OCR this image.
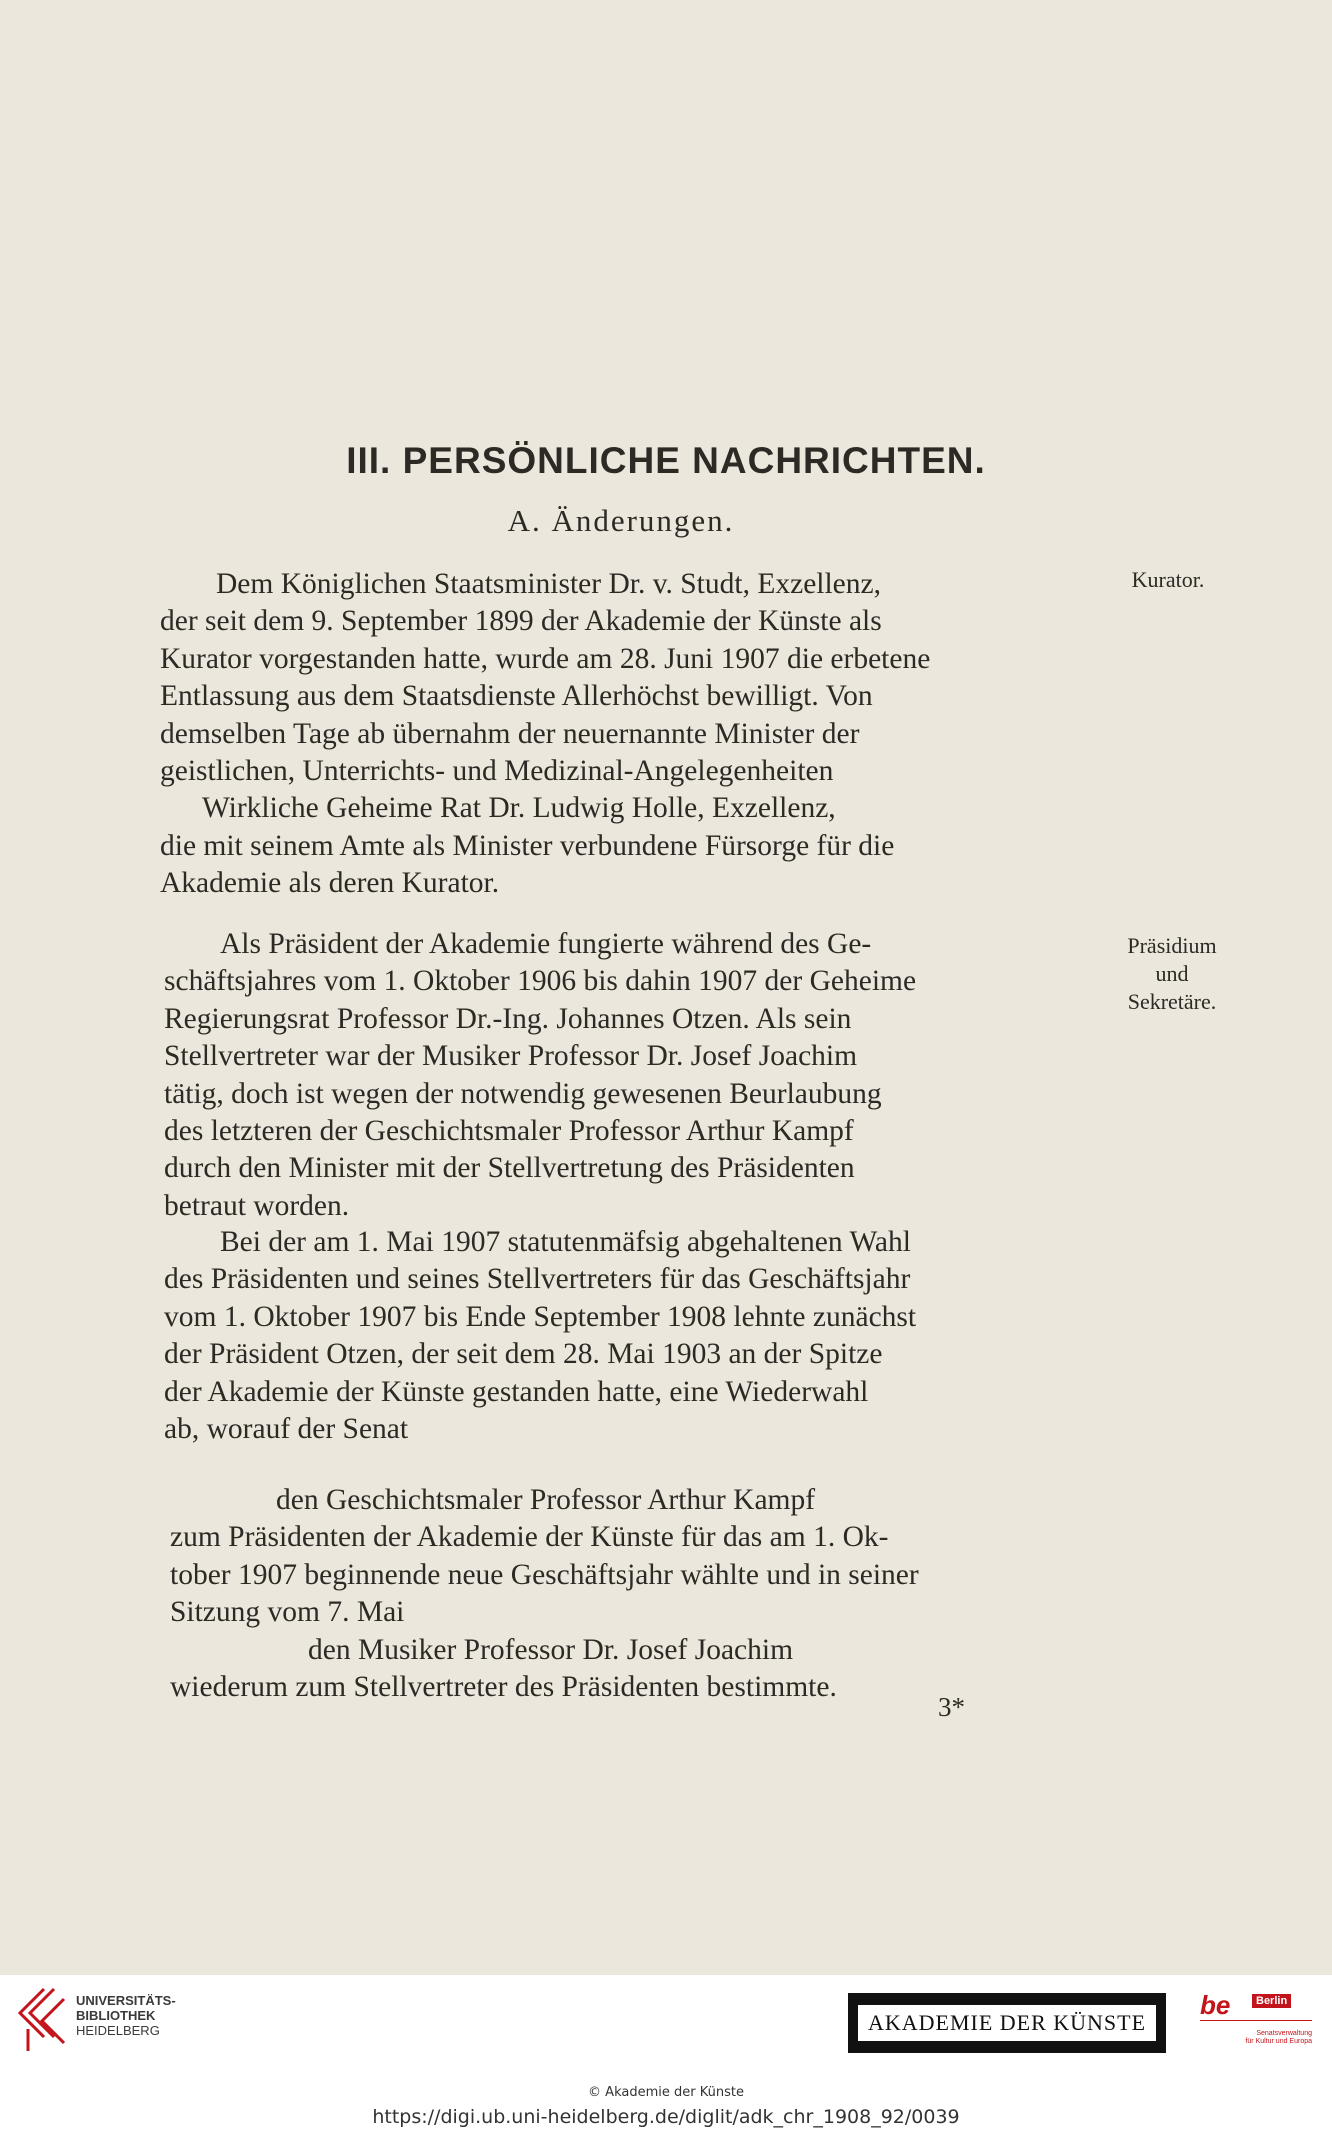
III. PERSÖNLICHE NACHRICHTEN.
A. Änderungen.
Dem Königlichen Staatsminister Dr. v. Studt, Exzellenz,
der seit dem 9. September 1899 der Akademie der Künste als
Kurator vorgestanden hatte, wurde am 28. Juni 1907 die erbetene
Entlassung aus dem Staatsdienste Allerhöchst bewilligt. Von
demselben Tage ab übernahm der neuernannte Minister der
geistlichen, Unterrichts- und Medizinal-Angelegenheiten
Wirkliche Geheime Rat Dr. Ludwig Holle, Exzellenz,
die mit seinem Amte als Minister verbundene Fürsorge für die
Akademie als deren Kurator.
Kurator.
Als Präsident der Akademie fungierte während des Ge-
schäftsjahres vom 1. Oktober 1906 bis dahin 1907 der Geheime
Regierungsrat Professor Dr.-Ing. Johannes Otzen. Als sein
Stellvertreter war der Musiker Professor Dr. Josef Joachim
tätig, doch ist wegen der notwendig gewesenen Beurlaubung
des letzteren der Geschichtsmaler Professor Arthur Kampf
durch den Minister mit der Stellvertretung des Präsidenten
betraut worden.
Präsidium
und
Sekretäre.
Bei der am 1. Mai 1907 statutenmäfsig abgehaltenen Wahl
des Präsidenten und seines Stellvertreters für das Geschäftsjahr
vom 1. Oktober 1907 bis Ende September 1908 lehnte zunächst
der Präsident Otzen, der seit dem 28. Mai 1903 an der Spitze
der Akademie der Künste gestanden hatte, eine Wiederwahl
ab, worauf der Senat
den Geschichtsmaler Professor Arthur Kampf
zum Präsidenten der Akademie der Künste für das am 1. Ok-
tober 1907 beginnende neue Geschäftsjahr wählte und in seiner
Sitzung vom 7. Mai
den Musiker Professor Dr. Josef Joachim
wiederum zum Stellvertreter des Präsidenten bestimmte.
3*
UNIVERSITÄTS-
BIBLIOTHEK
HEIDELBERG	AKADEMIE DER KÜNSTE
be	Berlin
Senatsverwaltung
für Kultur und Europa
© Akademie der Künste
https://digi.ub.uni-heidelberg.de/diglit/adk_chr_1908_92/0039
